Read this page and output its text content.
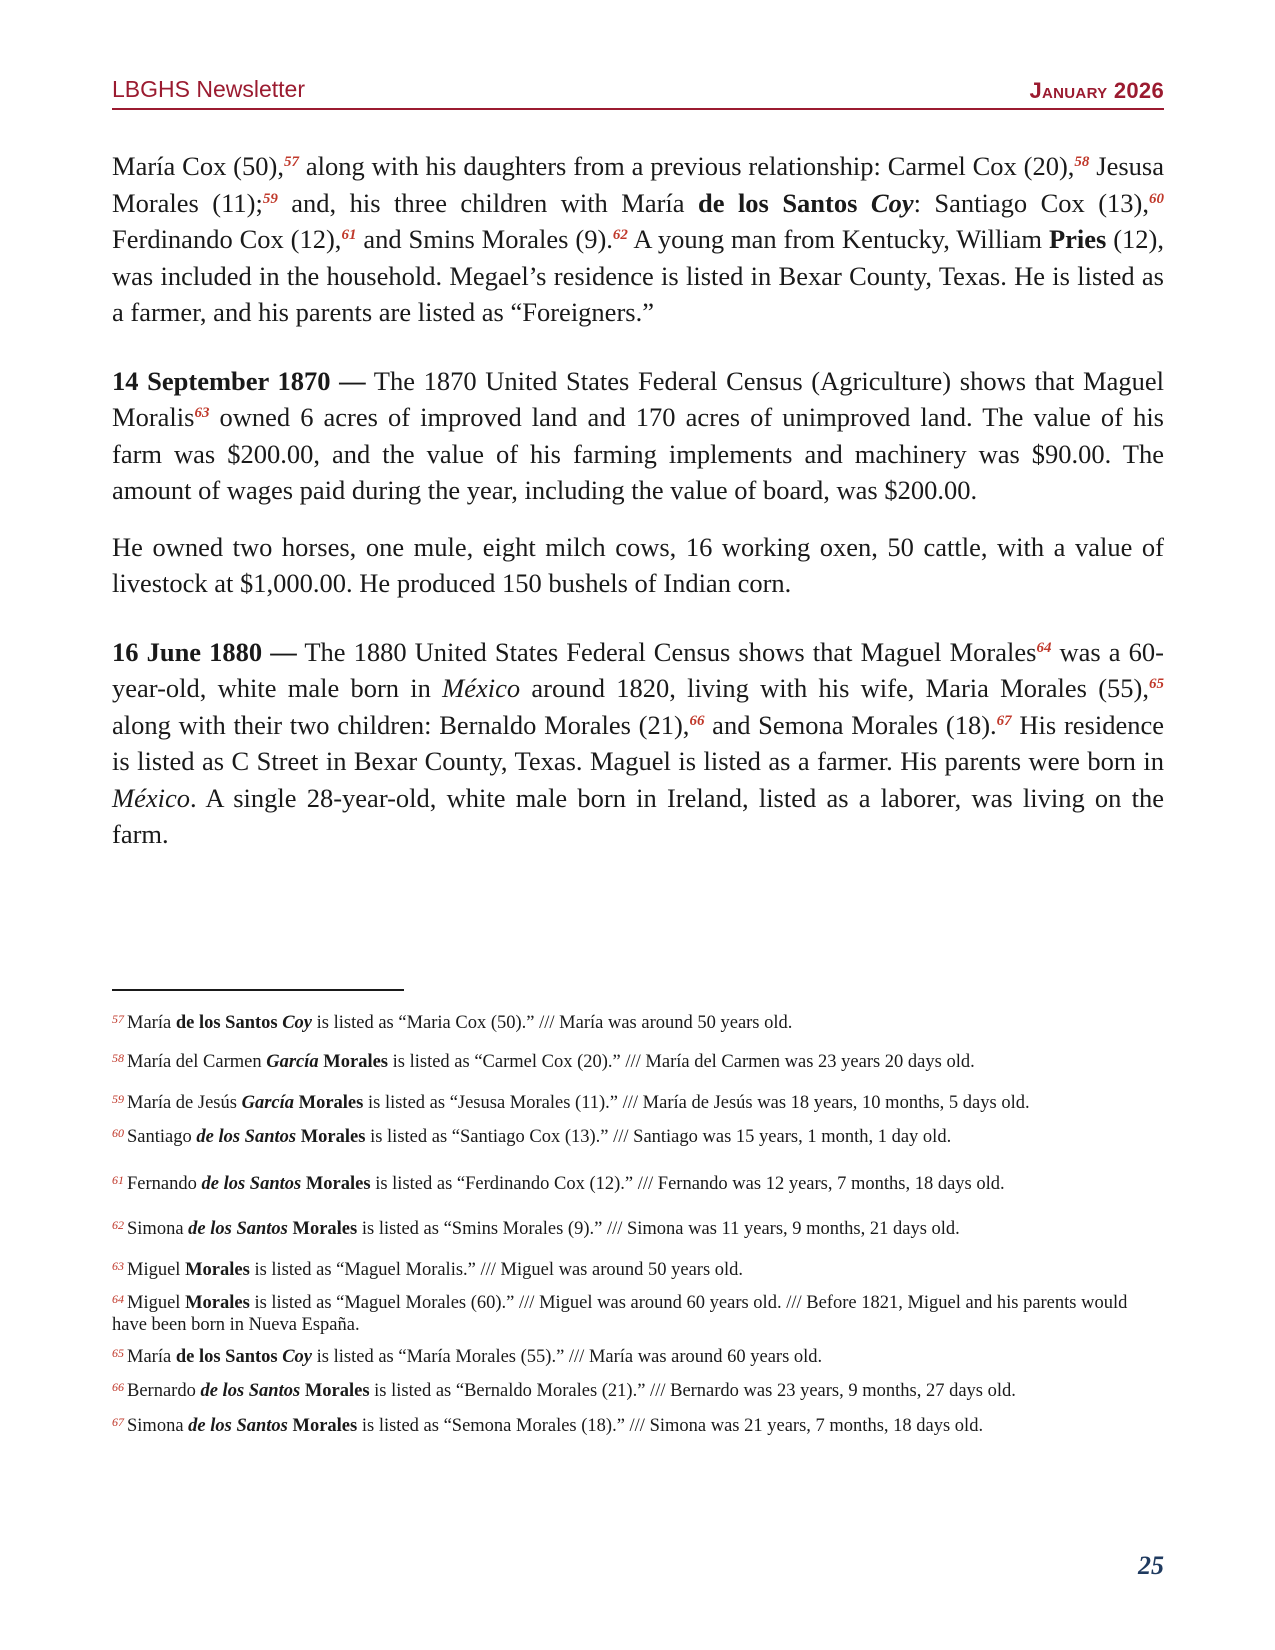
LBGHS Newsletter	January 2026

María Cox (50),$^{57}$ along with his daughters from a previous relationship: Carmel Cox (20),$^{58}$ Jesusa Morales (11);$^{59}$ and, his three children with María de los Santos Coy: Santiago Cox (13),$^{60}$ Ferdinando Cox (12),$^{61}$ and Smins Morales (9).$^{62}$ A young man from Kentucky, William Pries (12), was included in the household. Megael’s residence is listed in Bexar County, Texas. He is listed as a farmer, and his parents are listed as “Foreigners.”

14 September 1870 — The 1870 United States Federal Census (Agriculture) shows that Maguel Moralis$^{63}$ owned 6 acres of improved land and 170 acres of unimproved land. The value of his farm was $200.00, and the value of his farming implements and machinery was $90.00. The amount of wages paid during the year, including the value of board, was $200.00.

He owned two horses, one mule, eight milch cows, 16 working oxen, 50 cattle, with a value of livestock at $1,000.00. He produced 150 bushels of Indian corn.

16 June 1880 — The 1880 United States Federal Census shows that Maguel Morales$^{64}$ was a 60-year-old, white male born in México around 1820, living with his wife, Maria Morales (55),$^{65}$ along with their two children: Bernaldo Morales (21),$^{66}$ and Semona Morales (18).$^{67}$ His residence is listed as C Street in Bexar County, Texas. Maguel is listed as a farmer. His parents were born in México. A single 28-year-old, white male born in Ireland, listed as a laborer, was living on the farm.

$^{57}$ María de los Santos Coy is listed as “Maria Cox (50).” /// María was around 50 years old.

$^{58}$ María del Carmen García Morales is listed as “Carmel Cox (20).” /// María del Carmen was 23 years 20 days old.

$^{59}$ María de Jesús García Morales is listed as “Jesusa Morales (11).” /// María de Jesús was 18 years, 10 months, 5 days old.

$^{60}$ Santiago de los Santos Morales is listed as “Santiago Cox (13).” /// Santiago was 15 years, 1 month, 1 day old.

$^{61}$ Fernando de los Santos Morales is listed as “Ferdinando Cox (12).” /// Fernando was 12 years, 7 months, 18 days old.

$^{62}$ Simona de los Santos Morales is listed as “Smins Morales (9).” /// Simona was 11 years, 9 months, 21 days old.

$^{63}$ Miguel Morales is listed as “Maguel Moralis.” /// Miguel was around 50 years old.

$^{64}$ Miguel Morales is listed as “Maguel Morales (60).” /// Miguel was around 60 years old. /// Before 1821, Miguel and his parents would have been born in Nueva España.

$^{65}$ María de los Santos Coy is listed as “María Morales (55).” /// María was around 60 years old.

$^{66}$ Bernardo de los Santos Morales is listed as “Bernaldo Morales (21).” /// Bernardo was 23 years, 9 months, 27 days old.

$^{67}$ Simona de los Santos Morales is listed as “Semona Morales (18).” /// Simona was 21 years, 7 months, 18 days old.

25
